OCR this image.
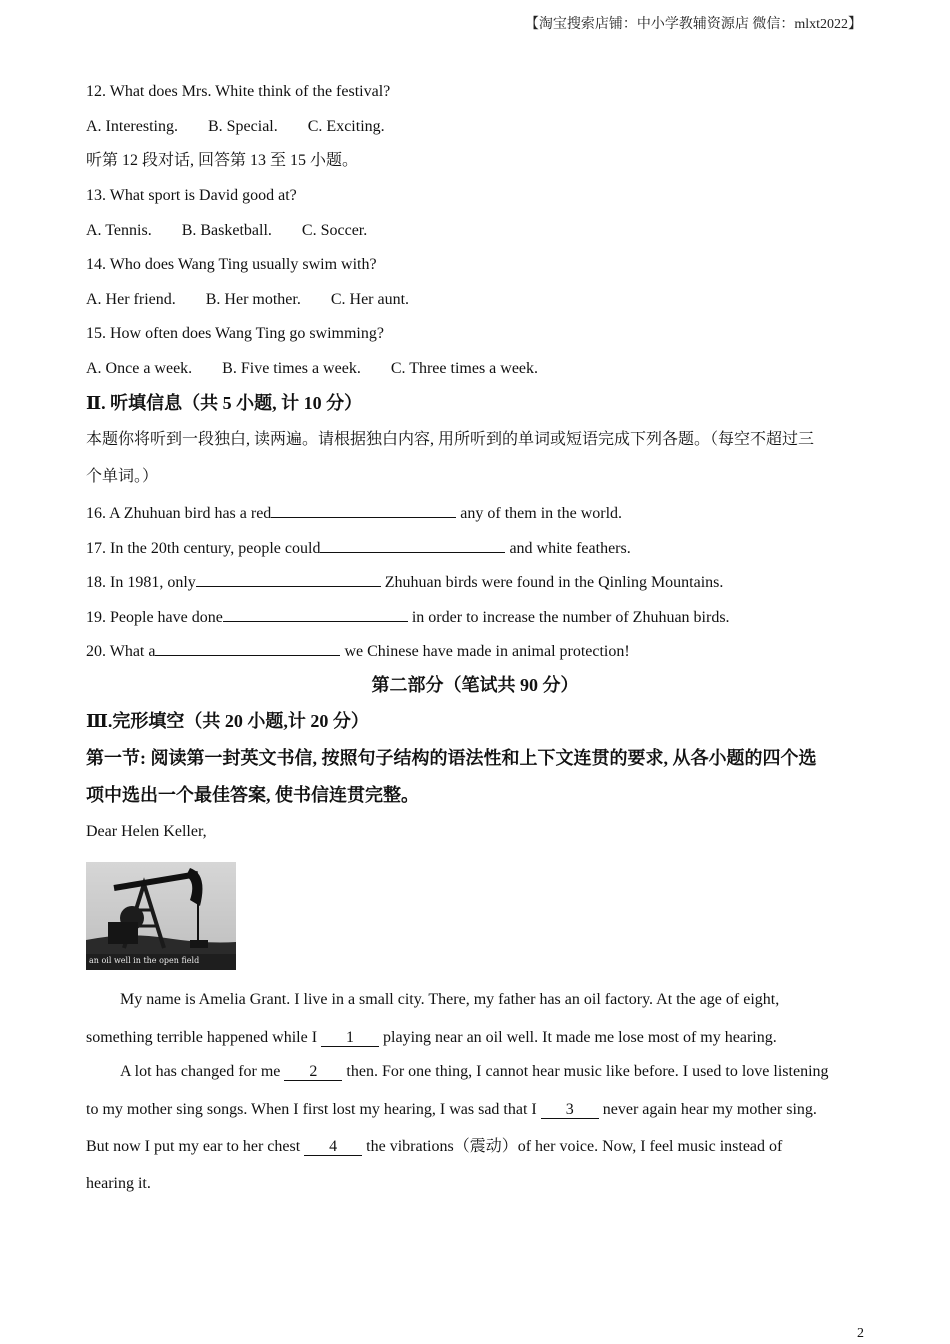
【淘宝搜索店铺：中小学教辅资源店 微信：mlxt2022】
12. What does Mrs. White think of the festival?
A. Interesting. B. Special. C. Exciting.
听第 12 段对话, 回答第 13 至 15 小题。
13. What sport is David good at?
A. Tennis. B. Basketball. C. Soccer.
14. Who does Wang Ting usually swim with?
A. Her friend. B. Her mother. C. Her aunt.
15. How often does Wang Ting go swimming?
A. Once a week. B. Five times a week. C. Three times a week.
Ⅱ. 听填信息（共 5 小题, 计 10 分）
本题你将听到一段独白, 读两遍。请根据独白内容, 用所听到的单词或短语完成下列各题。（每空不超过三
个单词。）
16. A Zhuhuan bird has a red	any of them in the world.
17. In the 20th century, people could	and white feathers.
18. In 1981, only	Zhuhuan birds were found in the Qinling Mountains.
19. People have done	in order to increase the number of Zhuhuan birds.
20. What a	we Chinese have made in animal protection!
第二部分（笔试共 90 分）
Ⅲ.完形填空（共 20 小题,计 20 分）
第一节: 阅读第一封英文书信, 按照句子结构的语法性和上下文连贯的要求, 从各小题的四个选
项中选出一个最佳答案, 使书信连贯完整。
Dear Helen Keller,
an oil well in the open field
My name is Amelia Grant. I live in a small city. There, my father has an oil factory. At the age of eight,
something terrible happened while I 1 playing near an oil well. It made me lose most of my hearing.
A lot has changed for me 2 then. For one thing, I cannot hear music like before. I used to love listening
to my mother sing songs. When I first lost my hearing, I was sad that I 3 never again hear my mother sing.
But now I put my ear to her chest 4 the vibrations（震动）of her voice. Now, I feel music instead of
hearing it.
2
